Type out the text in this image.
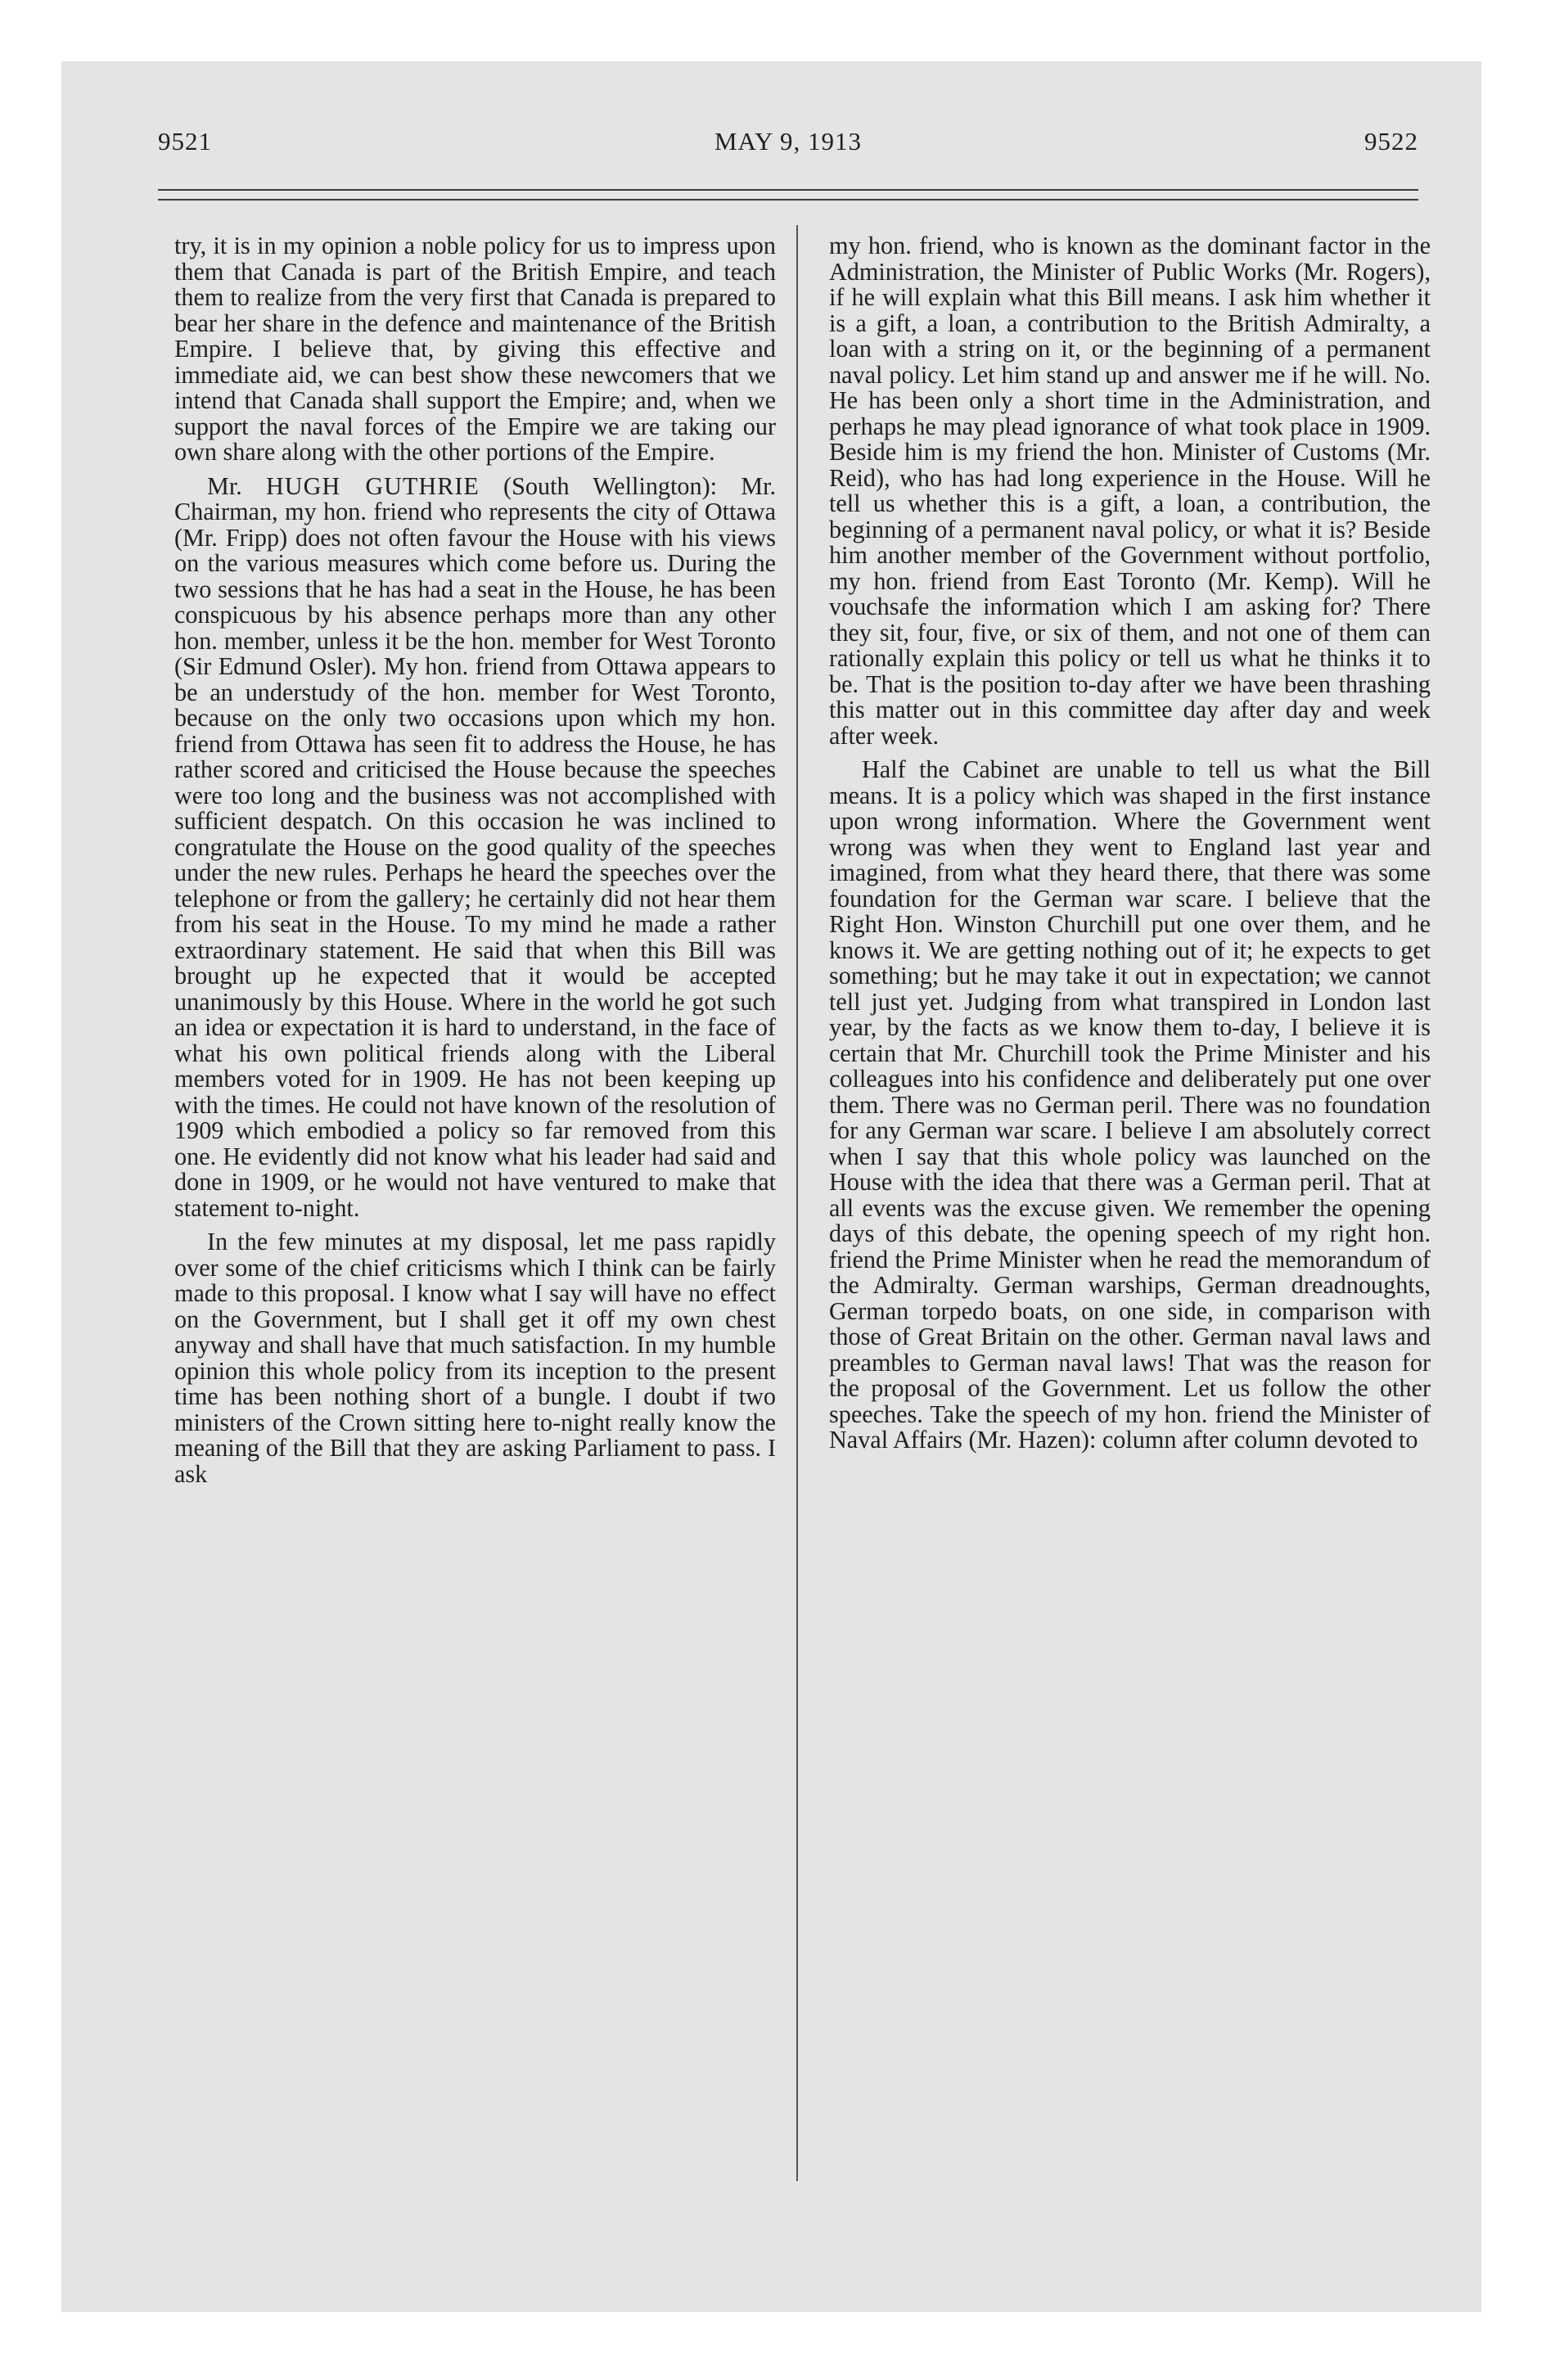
9521	MAY 9, 1913	9522

try, it is in my opinion a noble policy for us to impress upon them that Canada is part of the British Empire, and teach them to realize from the very first that Canada is prepared to bear her share in the defence and maintenance of the British Empire. I believe that, by giving this effective and immediate aid, we can best show these newcomers that we intend that Canada shall support the Empire; and, when we support the naval forces of the Empire we are taking our own share along with the other portions of the Empire.

Mr. HUGH GUTHRIE (South Wellington): Mr. Chairman, my hon. friend who represents the city of Ottawa (Mr. Fripp) does not often favour the House with his views on the various measures which come before us. During the two sessions that he has had a seat in the House, he has been conspicuous by his absence perhaps more than any other hon. member, unless it be the hon. member for West Toronto (Sir Edmund Osler). My hon. friend from Ottawa appears to be an understudy of the hon. member for West Toronto, because on the only two occasions upon which my hon. friend from Ottawa has seen fit to address the House, he has rather scored and criticised the House because the speeches were too long and the business was not accomplished with sufficient despatch. On this occasion he was inclined to congratulate the House on the good quality of the speeches under the new rules. Perhaps he heard the speeches over the telephone or from the gallery; he certainly did not hear them from his seat in the House. To my mind he made a rather extraordinary statement. He said that when this Bill was brought up he expected that it would be accepted unanimously by this House. Where in the world he got such an idea or expectation it is hard to understand, in the face of what his own political friends along with the Liberal members voted for in 1909. He has not been keeping up with the times. He could not have known of the resolution of 1909 which embodied a policy so far removed from this one. He evidently did not know what his leader had said and done in 1909, or he would not have ventured to make that statement to-night.

In the few minutes at my disposal, let me pass rapidly over some of the chief criticisms which I think can be fairly made to this proposal. I know what I say will have no effect on the Government, but I shall get it off my own chest anyway and shall have that much satisfaction. In my humble opinion this whole policy from its inception to the present time has been nothing short of a bungle. I doubt if two ministers of the Crown sitting here to-night really know the meaning of the Bill that they are asking Parliament to pass. I ask

my hon. friend, who is known as the dominant factor in the Administration, the Minister of Public Works (Mr. Rogers), if he will explain what this Bill means. I ask him whether it is a gift, a loan, a contribution to the British Admiralty, a loan with a string on it, or the beginning of a permanent naval policy. Let him stand up and answer me if he will. No. He has been only a short time in the Administration, and perhaps he may plead ignorance of what took place in 1909. Beside him is my friend the hon. Minister of Customs (Mr. Reid), who has had long experience in the House. Will he tell us whether this is a gift, a loan, a contribution, the beginning of a permanent naval policy, or what it is? Beside him another member of the Government without portfolio, my hon. friend from East Toronto (Mr. Kemp). Will he vouchsafe the information which I am asking for? There they sit, four, five, or six of them, and not one of them can rationally explain this policy or tell us what he thinks it to be. That is the position to-day after we have been thrashing this matter out in this committee day after day and week after week.

Half the Cabinet are unable to tell us what the Bill means. It is a policy which was shaped in the first instance upon wrong information. Where the Government went wrong was when they went to England last year and imagined, from what they heard there, that there was some foundation for the German war scare. I believe that the Right Hon. Winston Churchill put one over them, and he knows it. We are getting nothing out of it; he expects to get something; but he may take it out in expectation; we cannot tell just yet. Judging from what transpired in London last year, by the facts as we know them to-day, I believe it is certain that Mr. Churchill took the Prime Minister and his colleagues into his confidence and deliberately put one over them. There was no German peril. There was no foundation for any German war scare. I believe I am absolutely correct when I say that this whole policy was launched on the House with the idea that there was a German peril. That at all events was the excuse given. We remember the opening days of this debate, the opening speech of my right hon. friend the Prime Minister when he read the memorandum of the Admiralty. German warships, German dreadnoughts, German torpedo boats, on one side, in comparison with those of Great Britain on the other. German naval laws and preambles to German naval laws! That was the reason for the proposal of the Government. Let us follow the other speeches. Take the speech of my hon. friend the Minister of Naval Affairs (Mr. Hazen): column after column devoted to
